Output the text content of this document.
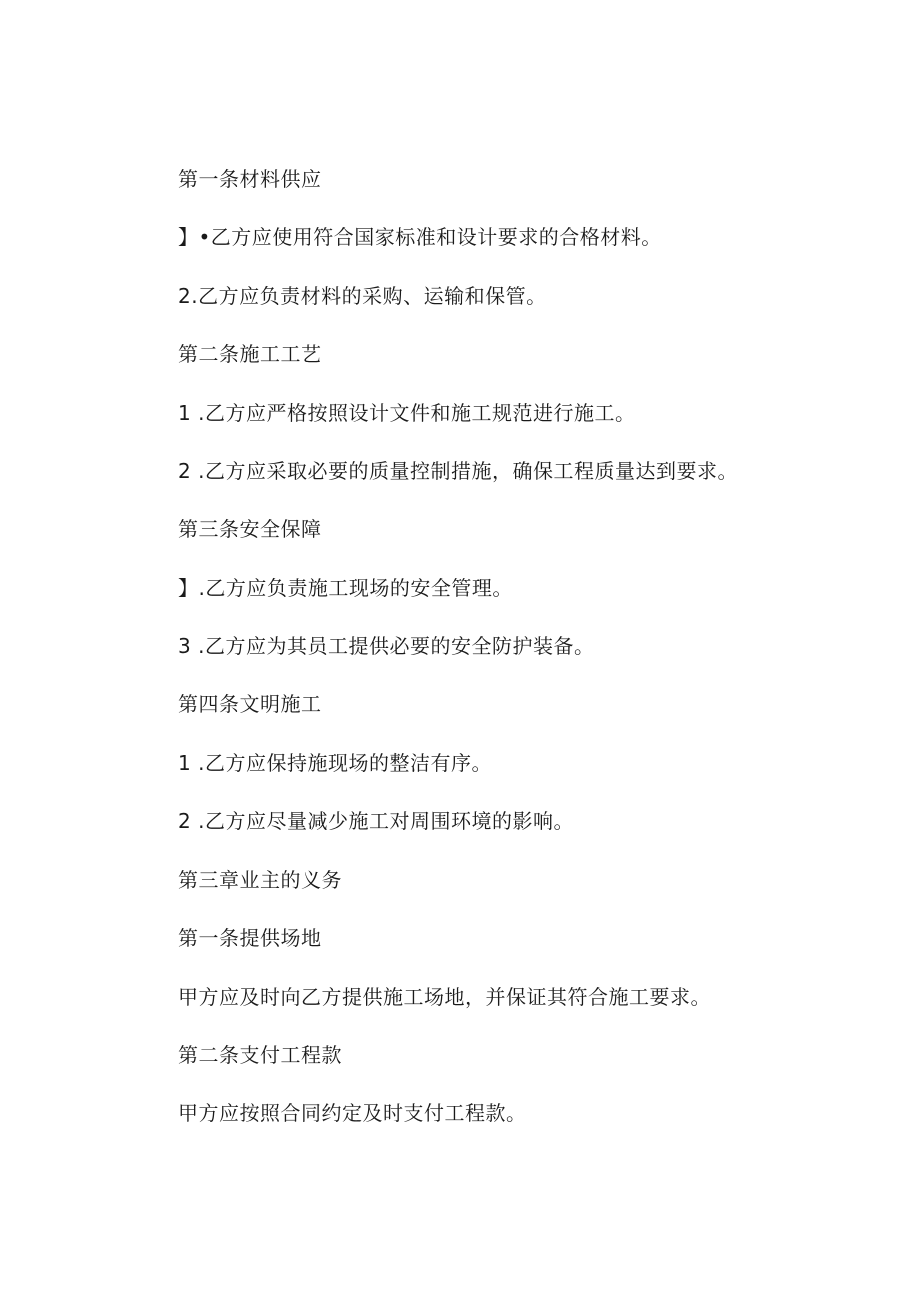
第一条材料供应
】•乙方应使用符合国家标准和设计要求的合格材料。
2.乙方应负责材料的采购、运输和保管。
第二条施工工艺
1 .乙方应严格按照设计文件和施工规范进行施工。
2 .乙方应采取必要的质量控制措施，确保工程质量达到要求。
第三条安全保障
】.乙方应负责施工现场的安全管理。
3 .乙方应为其员工提供必要的安全防护装备。
第四条文明施工
1 .乙方应保持施现场的整洁有序。
2 .乙方应尽量减少施工对周围环境的影响。
第三章业主的义务
第一条提供场地
甲方应及时向乙方提供施工场地，并保证其符合施工要求。
第二条支付工程款
甲方应按照合同约定及时支付工程款。
